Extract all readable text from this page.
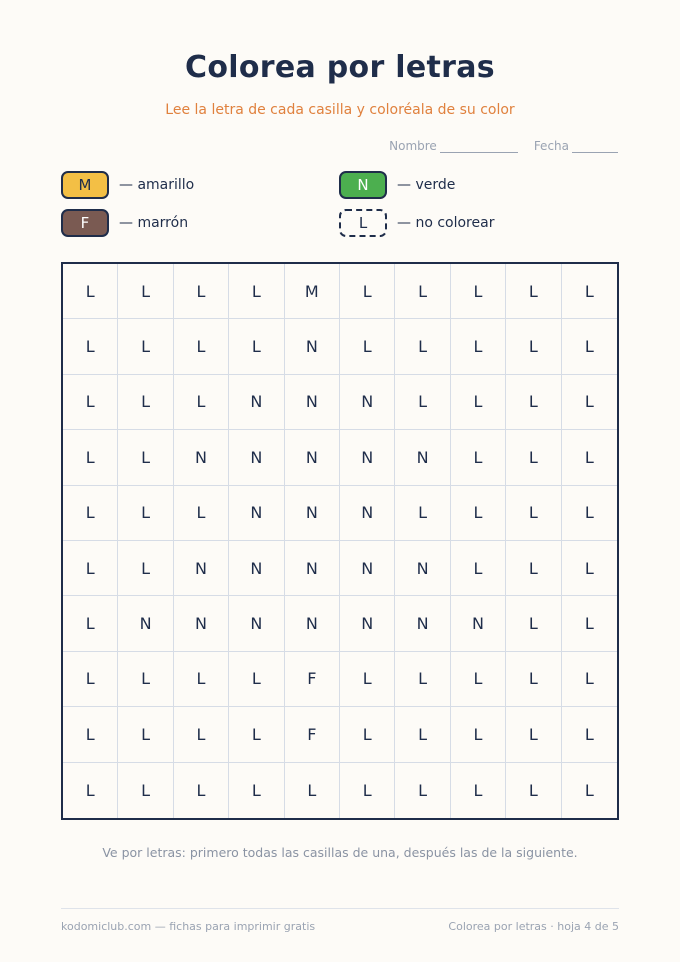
Colorea por letras
Lee la letra de cada casilla y coloréala de su color
Nombre	Fecha
M — amarillo	N — verde
F — marrón	L — no colorear
L	L	L	L	M	L	L	L	L	L
L	L	L	L	N	L	L	L	L	L
L	L	L	N	N	N	L	L	L	L
L	L	N	N	N	N	N	L	L	L
L	L	L	N	N	N	L	L	L	L
L	L	N	N	N	N	N	L	L	L
L	N	N	N	N	N	N	N	L	L
L	L	L	L	F	L	L	L	L	L
L	L	L	L	F	L	L	L	L	L
L	L	L	L	L	L	L	L	L	L
Ve por letras: primero todas las casillas de una, después las de la siguiente.
kodomiclub.com — fichas para imprimir gratis	Colorea por letras · hoja 4 de 5
